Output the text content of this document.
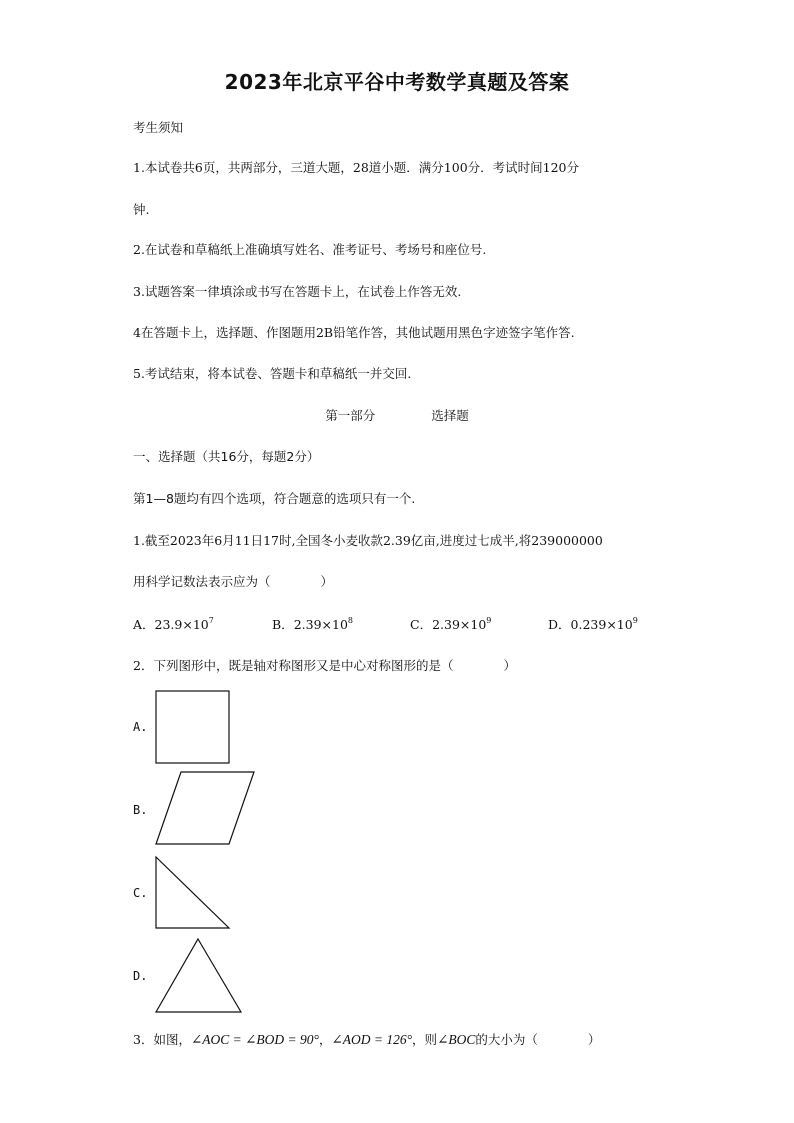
2023年北京平谷中考数学真题及答案
考生须知
1.本试卷共6页，共两部分，三道大题，28道小题．满分100分．考试时间120分
钟.
2.在试卷和草稿纸上准确填写姓名、准考证号、考场号和座位号.
3.试题答案一律填涂或书写在答题卡上，在试卷上作答无效.
4在答题卡上，选择题、作图题用2B铅笔作答，其他试题用黑色字迹签字笔作答.
5.考试结束，将本试卷、答题卡和草稿纸一并交回.
第一部分	选择题
一、选择题（共16分，每题2分）
第1—8题均有四个选项，符合题意的选项只有一个.
1.截至2023年6月11日17时,全国冬小麦收款2.39亿亩,进度过七成半,将239000000
用科学记数法表示应为（　　　　）
A．$23.9\times 10^7$	B．$2.39\times 10^8$	C．$2.39\times 10^9$	D．$0.239\times 10^9$
2．下列图形中，既是轴对称图形又是中心对称图形的是（　　　　）
A.
B.
C.
D.
3．如图，∠AOC = ∠BOD = 90°，∠AOD = 126°，则∠BOC的大小为（　　　　）
